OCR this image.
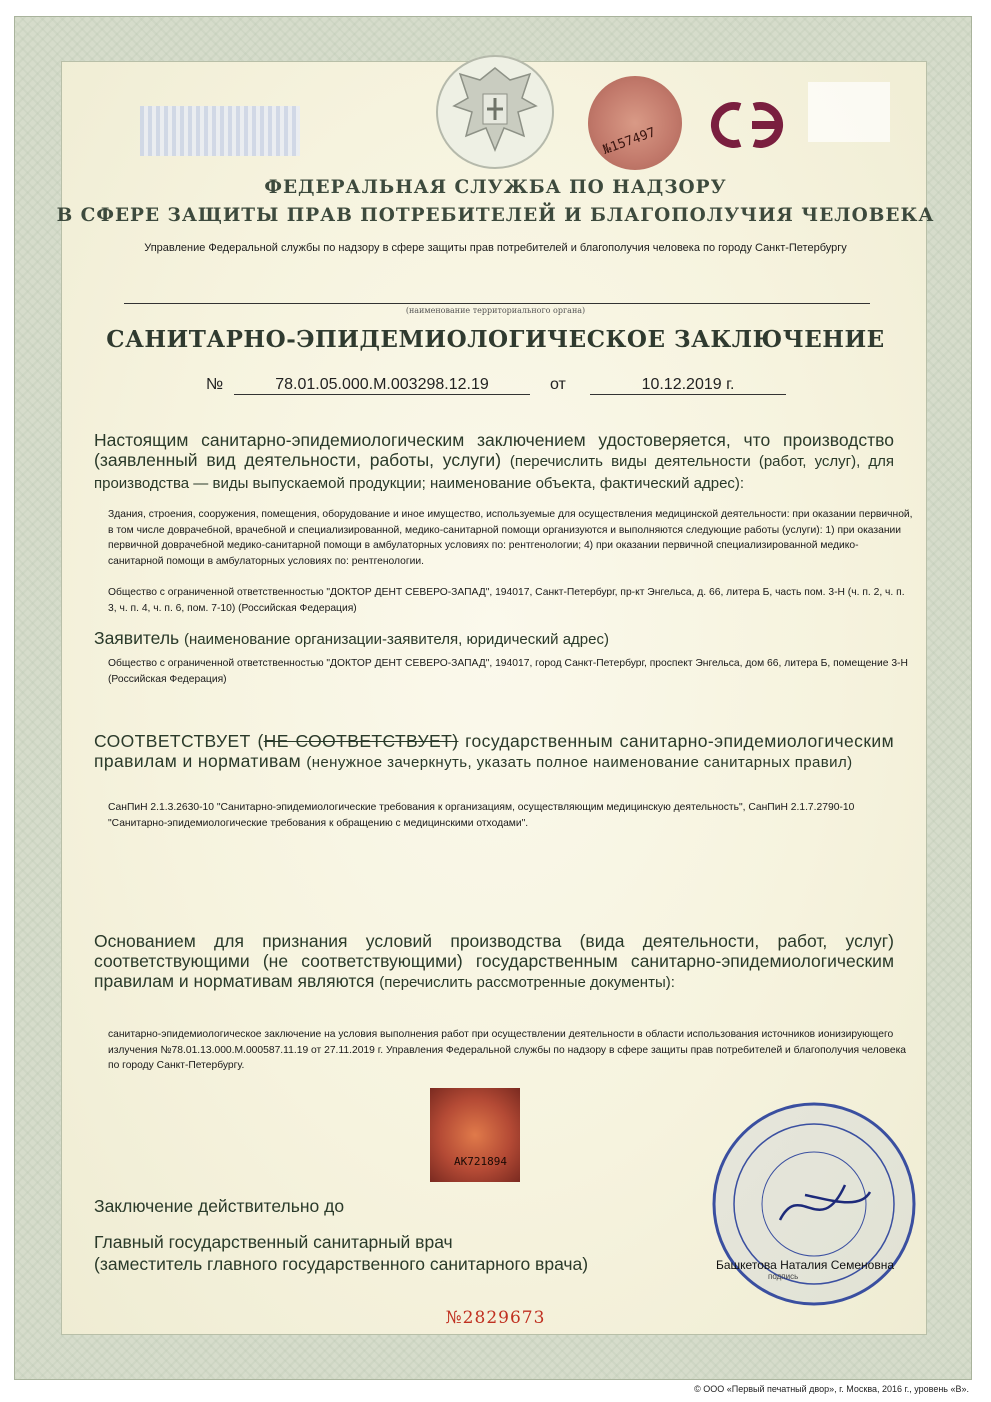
№157497
ФЕДЕРАЛЬНАЯ СЛУЖБА ПО НАДЗОРУ
В СФЕРЕ ЗАЩИТЫ ПРАВ ПОТРЕБИТЕЛЕЙ И БЛАГОПОЛУЧИЯ ЧЕЛОВЕКА
Управление Федеральной службы по надзору в сфере защиты прав потребителей и благополучия человека по городу Санкт-Петербургу
(наименование территориального органа)
САНИТАРНО-ЭПИДЕМИОЛОГИЧЕСКОЕ ЗАКЛЮЧЕНИЕ
№	78.01.05.000.М.003298.12.19	от	10.12.2019 г.
Настоящим санитарно-эпидемиологическим заключением удостоверяется, что производство (заявленный вид деятельности, работы, услуги) (перечислить виды деятельности (работ, услуг), для производства — виды выпускаемой продукции; наименование объекта, фактический адрес):
Здания, строения, сооружения, помещения, оборудование и иное имущество, используемые для осуществления медицинской деятельности: при оказании первичной, в том числе доврачебной, врачебной и специализированной, медико-санитарной помощи организуются и выполняются следующие работы (услуги): 1) при оказании первичной доврачебной медико-санитарной помощи в амбулаторных условиях по: рентгенологии; 4) при оказании первичной специализированной медико-санитарной помощи в амбулаторных условиях по: рентгенологии.
Общество с ограниченной ответственностью "ДОКТОР ДЕНТ СЕВЕРО-ЗАПАД", 194017, Санкт-Петербург, пр-кт Энгельса, д. 66, литера Б, часть пом. 3-Н (ч. п. 2, ч. п. 3, ч. п. 4, ч. п. 6, пом. 7-10) (Российская Федерация)
Заявитель (наименование организации-заявителя, юридический адрес)
Общество с ограниченной ответственностью "ДОКТОР ДЕНТ СЕВЕРО-ЗАПАД", 194017, город Санкт-Петербург, проспект Энгельса, дом 66, литера Б, помещение 3-Н (Российская Федерация)
СООТВЕТСТВУЕТ (НЕ СООТВЕТСТВУЕТ) государственным санитарно-эпидемиологическим правилам и нормативам (ненужное зачеркнуть, указать полное наименование санитарных правил)
СанПиН 2.1.3.2630-10 "Санитарно-эпидемиологические требования к организациям, осуществляющим медицинскую деятельность", СанПиН 2.1.7.2790-10 "Санитарно-эпидемиологические требования к обращению с медицинскими отходами".
Основанием для признания условий производства (вида деятельности, работ, услуг) соответствующими (не соответствующими) государственным санитарно-эпидемиологическим правилам и нормативам являются (перечислить рассмотренные документы):
санитарно-эпидемиологическое заключение на условия выполнения работ при осуществлении деятельности в области использования источников ионизирующего излучения №78.01.13.000.М.000587.11.19 от 27.11.2019 г. Управления Федеральной службы по надзору в сфере защиты прав потребителей и благополучия человека по городу Санкт-Петербургу.
АК721894
Заключение действительно до
Главный государственный санитарный врач
(заместитель главного государственного санитарного врача)	Башкетова Наталия Семеновна
подпись
№2829673
© ООО «Первый печатный двор», г. Москва, 2016 г., уровень «В».
